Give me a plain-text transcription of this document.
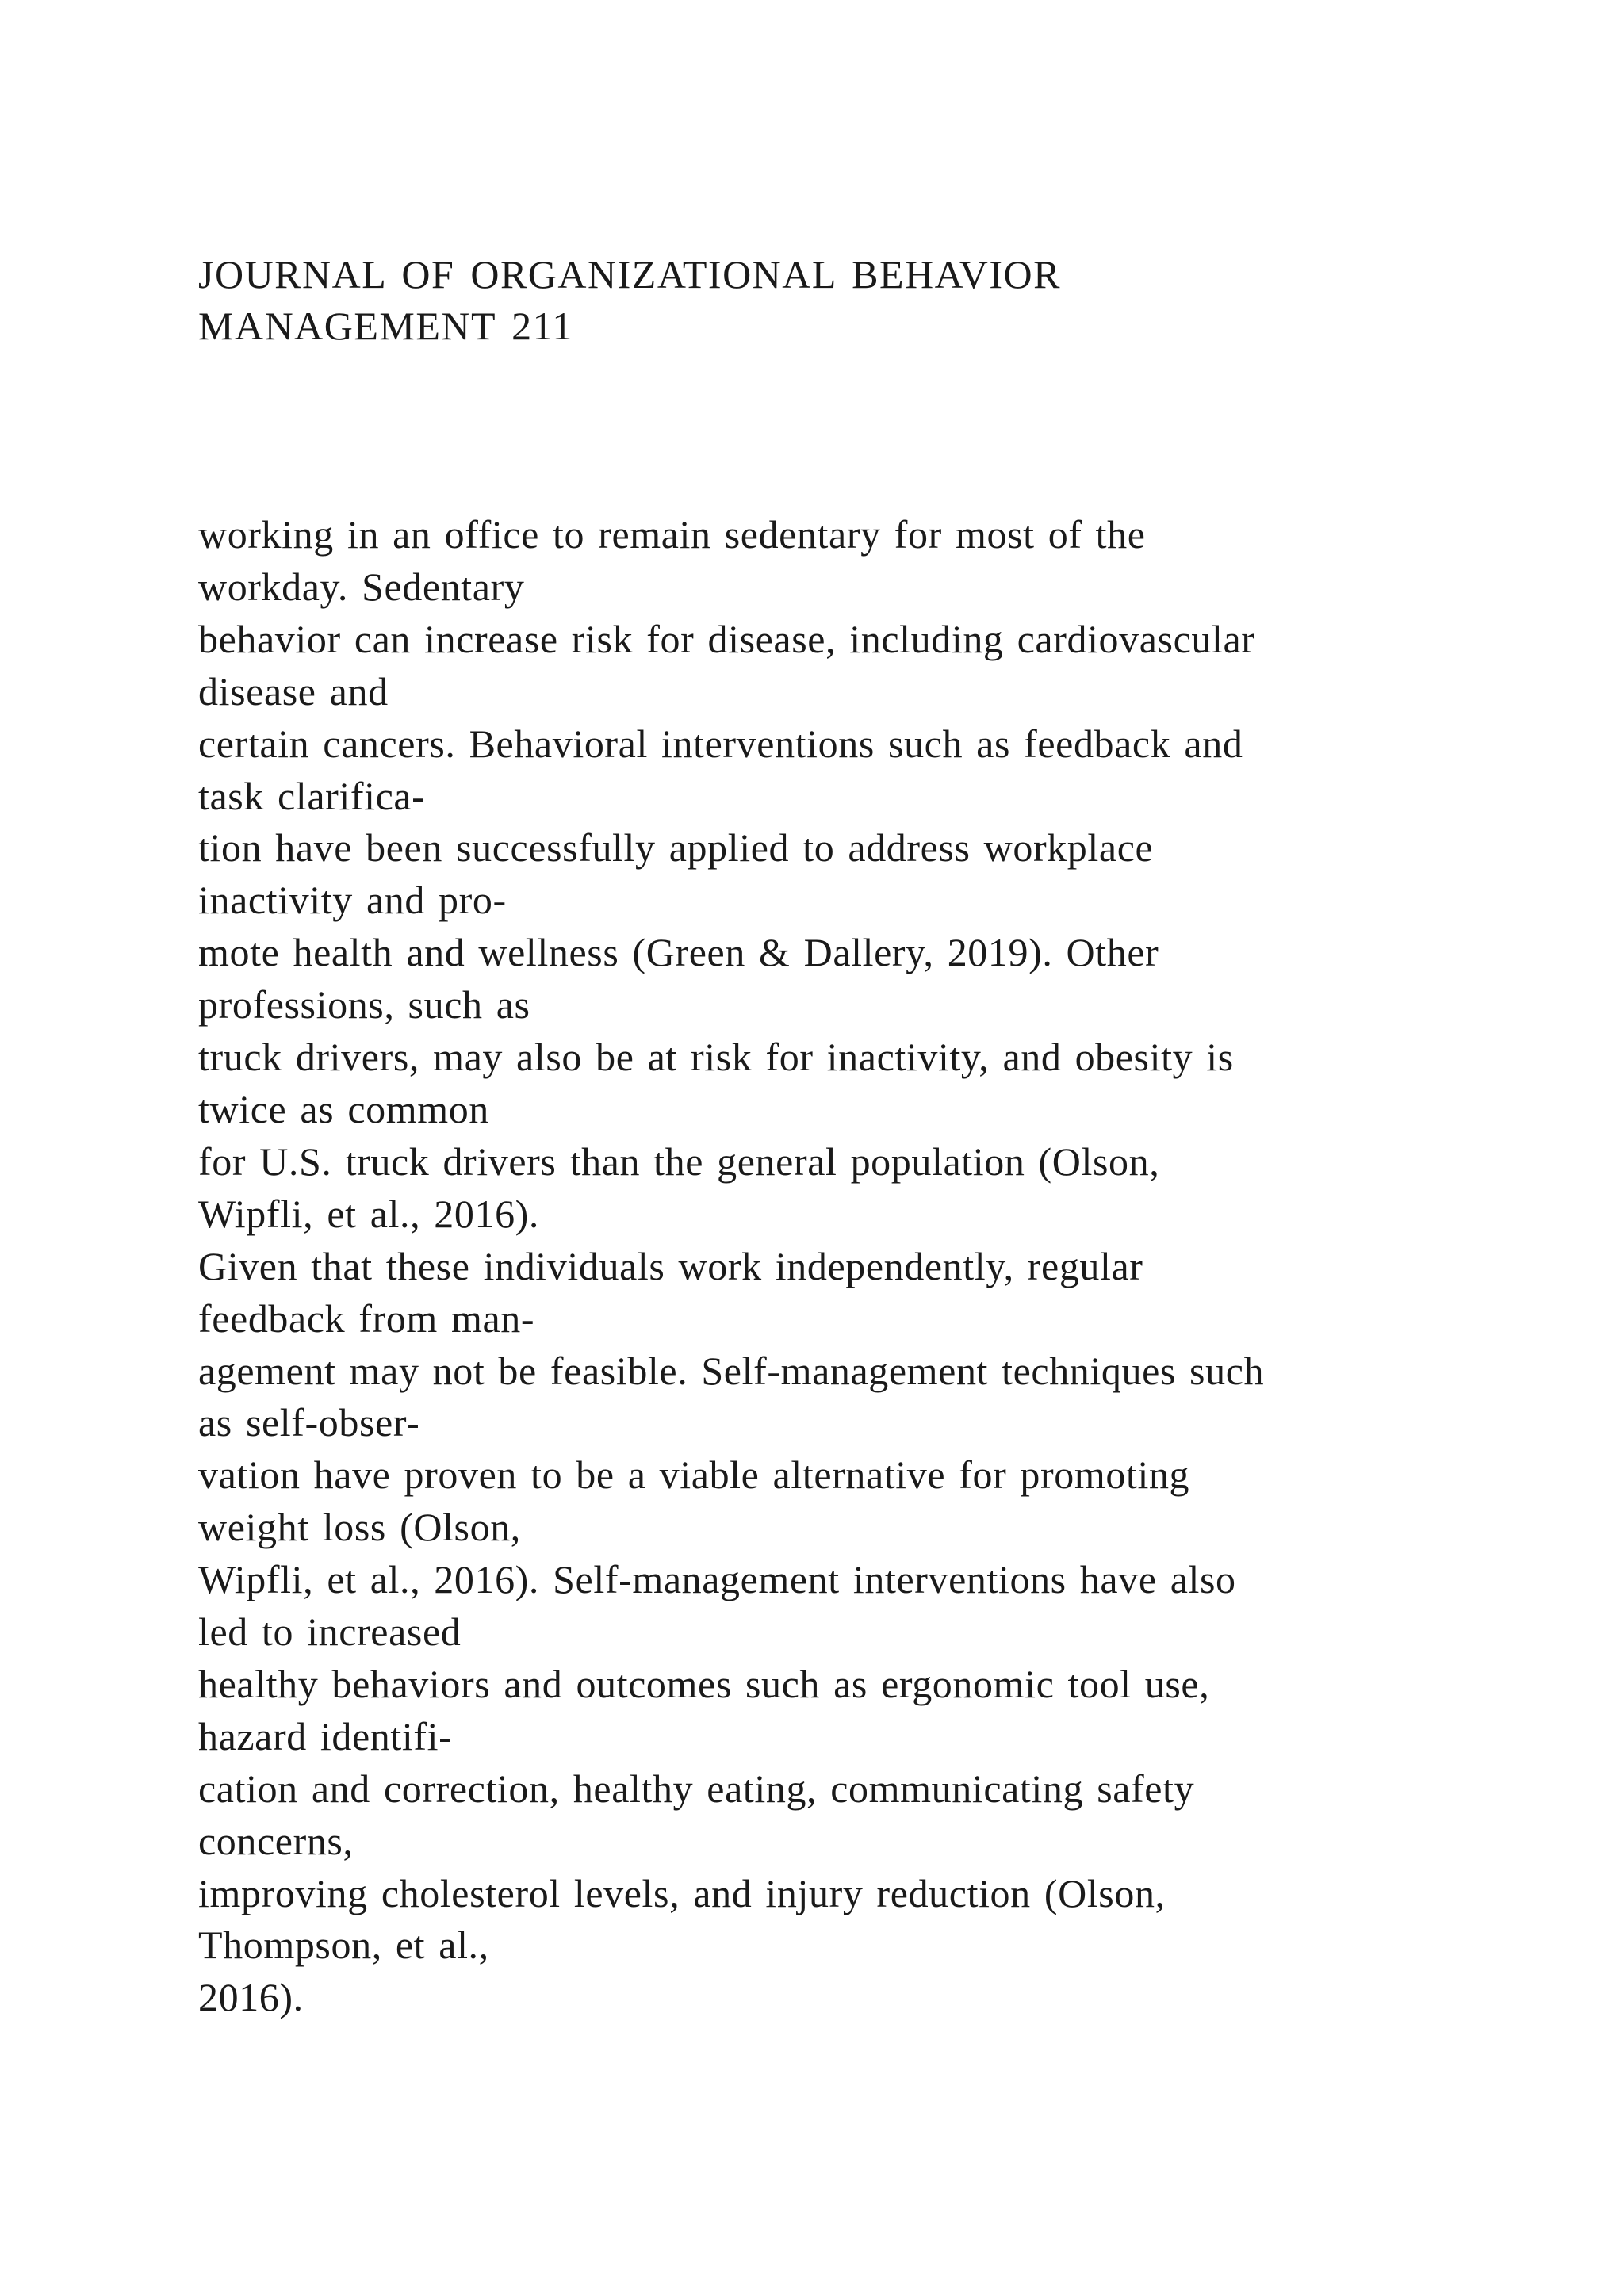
JOURNAL OF ORGANIZATIONAL BEHAVIOR
MANAGEMENT 211
working in an office to remain sedentary for most of the
workday. Sedentary
behavior can increase risk for disease, including cardiovascular
disease and
certain cancers. Behavioral interventions such as feedback and
task clarifica-
tion have been successfully applied to address workplace
inactivity and pro-
mote health and wellness (Green & Dallery, 2019). Other
professions, such as
truck drivers, may also be at risk for inactivity, and obesity is
twice as common
for U.S. truck drivers than the general population (Olson,
Wipfli, et al., 2016).
Given that these individuals work independently, regular
feedback from man-
agement may not be feasible. Self-management techniques such
as self-obser-
vation have proven to be a viable alternative for promoting
weight loss (Olson,
Wipfli, et al., 2016). Self-management interventions have also
led to increased
healthy behaviors and outcomes such as ergonomic tool use,
hazard identifi-
cation and correction, healthy eating, communicating safety
concerns,
improving cholesterol levels, and injury reduction (Olson,
Thompson, et al.,
2016).
